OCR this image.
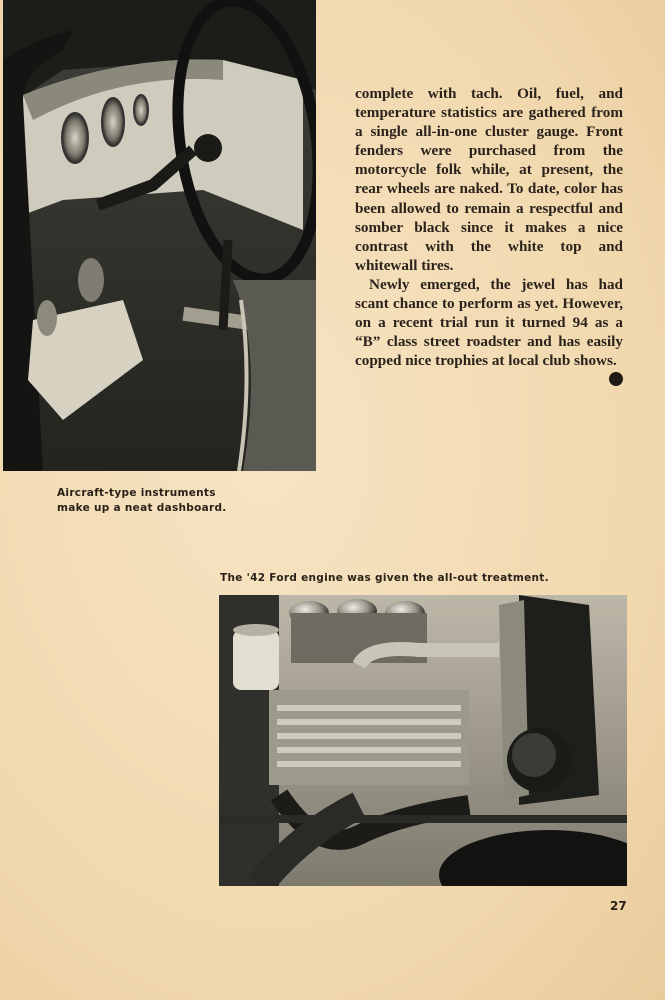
Aircraft-type instruments
make up a neat dashboard.

complete with tach. Oil, fuel, and temperature statistics are gathered from a single all-in-one cluster gauge. Front fenders were purchased from the motorcycle folk while, at present, the rear wheels are naked. To date, color has been allowed to remain a respectful and somber black since it makes a nice contrast with the white top and whitewall tires.

Newly emerged, the jewel has had scant chance to perform as yet. However, on a recent trial run it turned 94 as a “B” class street roadster and has easily copped nice trophies at local club shows.

The '42 Ford engine was given the all-out treatment.
27
